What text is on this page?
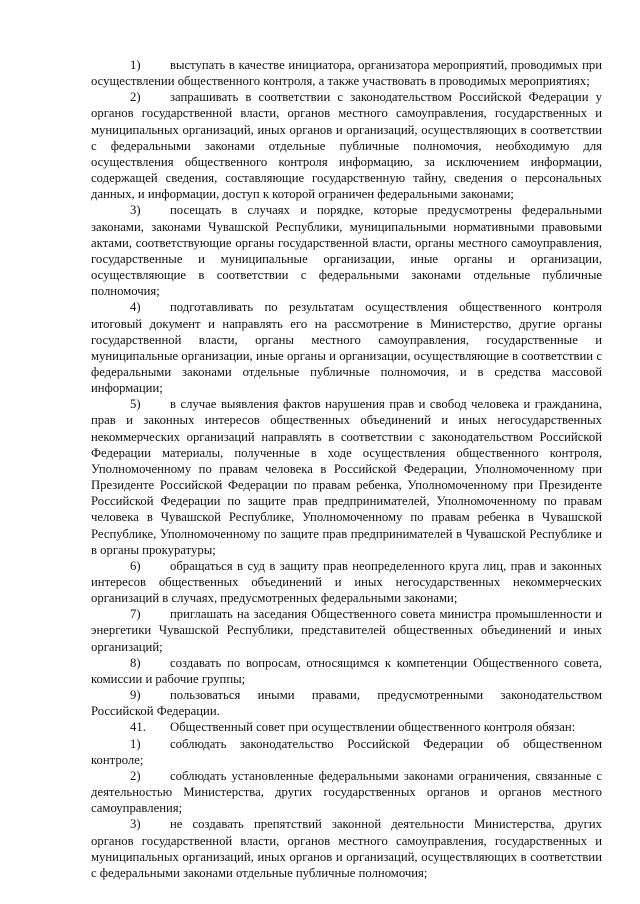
1) выступать в качестве инициатора, организатора мероприятий, проводимых при осуществлении общественного контроля, а также участвовать в проводимых мероприятиях;

2) запрашивать в соответствии с законодательством Российской Федерации у органов государственной власти, органов местного самоуправления, государственных и муниципальных организаций, иных органов и организаций, осуществляющих в соответствии с федеральными законами отдельные публичные полномочия, необходимую для осуществления общественного контроля информацию, за исключением информации, содержащей сведения, составляющие государственную тайну, сведения о персональных данных, и информации, доступ к которой ограничен федеральными законами;

3) посещать в случаях и порядке, которые предусмотрены федеральными законами, законами Чувашской Республики, муниципальными нормативными правовыми актами, соответствующие органы государственной власти, органы местного самоуправления, государственные и муниципальные организации, иные органы и организации, осуществляющие в соответствии с федеральными законами отдельные публичные полномочия;

4) подготавливать по результатам осуществления общественного контроля итоговый документ и направлять его на рассмотрение в Министерство, другие органы государственной власти, органы местного самоуправления, государственные и муниципальные организации, иные органы и организации, осуществляющие в соответствии с федеральными законами отдельные публичные полномочия, и в средства массовой информации;

5) в случае выявления фактов нарушения прав и свобод человека и гражданина, прав и законных интересов общественных объединений и иных негосударственных некоммерческих организаций направлять в соответствии с законодательством Российской Федерации материалы, полученные в ходе осуществления общественного контроля, Уполномоченному по правам человека в Российской Федерации, Уполномоченному при Президенте Российской Федерации по правам ребенка, Уполномоченному при Президенте Российской Федерации по защите прав предпринимателей, Уполномоченному по правам человека в Чувашской Республике, Уполномоченному по правам ребенка в Чувашской Республике, Уполномоченному по защите прав предпринимателей в Чувашской Республике и в органы прокуратуры;

6) обращаться в суд в защиту прав неопределенного круга лиц, прав и законных интересов общественных объединений и иных негосударственных некоммерческих организаций в случаях, предусмотренных федеральными законами;

7) приглашать на заседания Общественного совета министра промышленности и энергетики Чувашской Республики, представителей общественных объединений и иных организаций;

8) создавать по вопросам, относящимся к компетенции Общественного совета, комиссии и рабочие группы;

9) пользоваться иными правами, предусмотренными законодательством Российской Федерации.

41. Общественный совет при осуществлении общественного контроля обязан:

1) соблюдать законодательство Российской Федерации об общественном контроле;

2) соблюдать установленные федеральными законами ограничения, связанные с деятельностью Министерства, других государственных органов и органов местного самоуправления;

3) не создавать препятствий законной деятельности Министерства, других органов государственной власти, органов местного самоуправления, государственных и муниципальных организаций, иных органов и организаций, осуществляющих в соответствии с федеральными законами отдельные публичные полномочия;
